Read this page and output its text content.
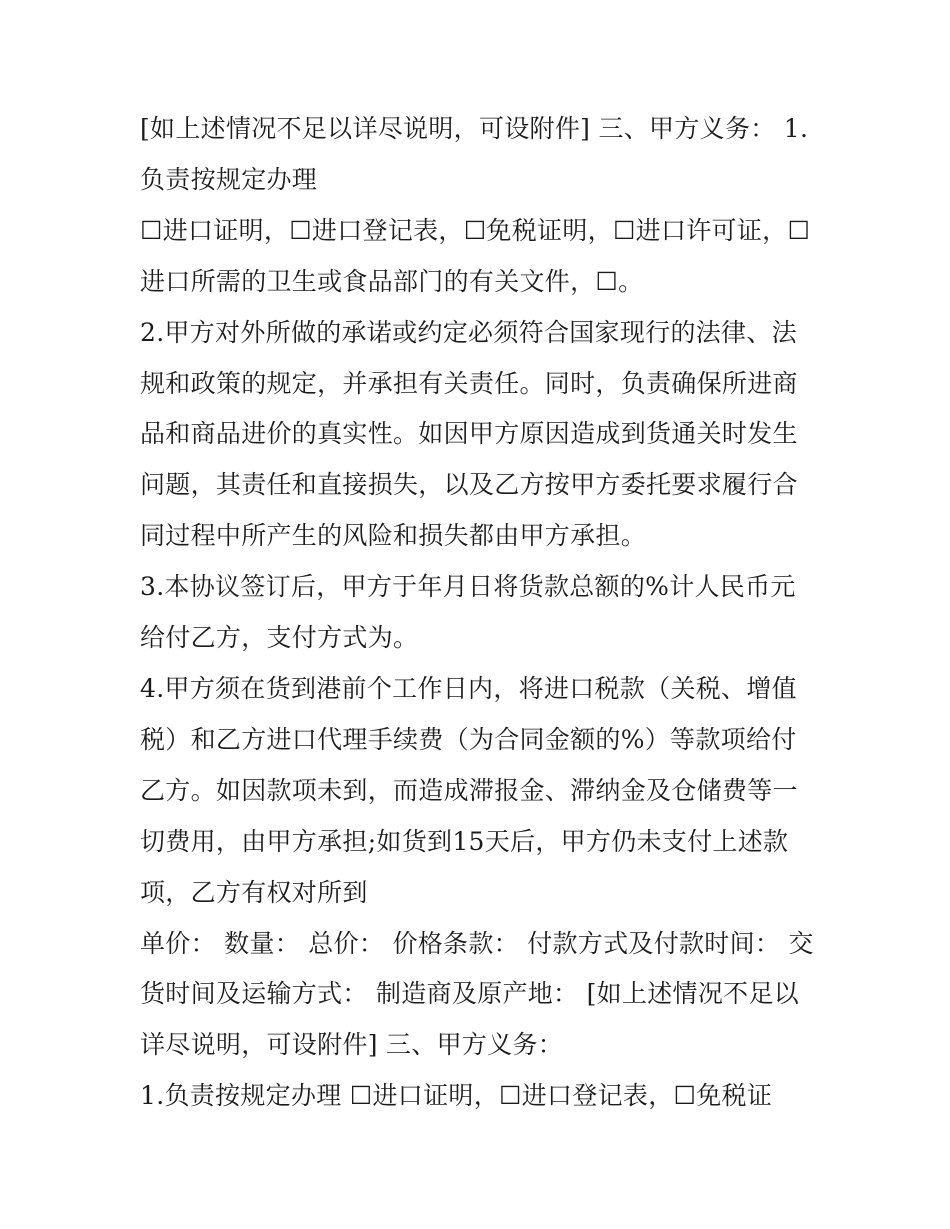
[如上述情况不足以详尽说明，可设附件] 三、甲方义务： 1.负责按规定办理

☐进口证明，☐进口登记表，☐免税证明，☐进口许可证，☐进口所需的卫生或食品部门的有关文件，☐。

2.甲方对外所做的承诺或约定必须符合国家现行的法律、法规和政策的规定，并承担有关责任。同时，负责确保所进商品和商品进价的真实性。如因甲方原因造成到货通关时发生问题，其责任和直接损失，以及乙方按甲方委托要求履行合同过程中所产生的风险和损失都由甲方承担。

3.本协议签订后，甲方于年月日将货款总额的%计人民币元给付乙方，支付方式为。

4.甲方须在货到港前个工作日内，将进口税款（关税、增值税）和乙方进口代理手续费（为合同金额的%）等款项给付乙方。如因款项未到，而造成滞报金、滞纳金及仓储费等一切费用，由甲方承担;如货到15天后，甲方仍未支付上述款项，乙方有权对所到

单价： 数量： 总价： 价格条款： 付款方式及付款时间： 交货时间及运输方式： 制造商及原产地： [如上述情况不足以详尽说明，可设附件] 三、甲方义务：

1.负责按规定办理 ☐进口证明，☐进口登记表，☐免税证
